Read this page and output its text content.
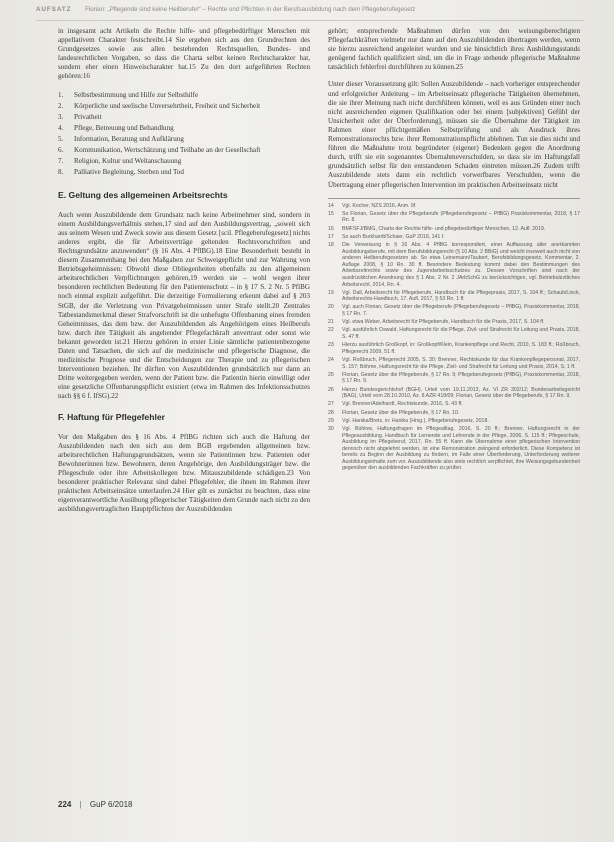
AUFSATZ Florian: „Pflegende sind keine Heilberufe!“ – Rechte und Pflichten in der Berufsausbildung nach dem Pflegeberufegesetz

in insgesamt acht Artikeln die Rechte hilfe- und pflegebedürftiger Menschen mit appellativem Charakter festschreibt.14 Sie ergeben sich aus den Grundrechten des Grundgesetzes sowie aus allen bestehenden Rechtsquellen, Bundes- und landesrechtlichen Vorgaben, so dass die Charta selbst keinen Rechtscharakter hat, sondern eher einen Hinweischarakter hat.15 Zu den dort aufgeführten Rechten gehören:16

1.	Selbstbestimmung und Hilfe zur Selbsthilfe
2.	Körperliche und seelische Unversehrtheit, Freiheit und Sicherheit
3.	Privatheit
4.	Pflege, Betreuung und Behandlung
5.	Information, Beratung und Aufklärung
6.	Kommunikation, Wertschätzung und Teilhabe an der Gesellschaft
7.	Religion, Kultur und Weltanschauung
8.	Palliative Begleitung, Sterben und Tod
E. Geltung des allgemeinen Arbeitsrechts

Auch wenn Auszubildende dem Grundsatz nach keine Arbeitnehmer sind, sondern in einem Ausbildungsverhältnis stehen,17 sind auf den Ausbildungsvertrag, „soweit sich aus seinem Wesen und Zweck sowie aus diesem Gesetz [scil. Pflegeberufegesetz] nichts anderes ergibt, die für Arbeitsverträge geltenden Rechtsvorschriften und Rechtsgrundsätze anzuwenden“ (§ 16 Abs. 4 PflBG).18 Eine Besonderheit besteht in diesem Zusammenhang bei den Maßgaben zur Schweigepflicht und zur Wahrung von Betriebsgeheimnissen: Obwohl diese Obliegenheiten ebenfalls zu den allgemeinen arbeitsrechtlichen Verpflichtungen gehören,19 werden sie – wohl wegen ihrer besonderen rechtlichen Bedeutung für den Patientenschutz – in § 17 S. 2 Nr. 5 PflBG noch einmal explizit aufgeführt. Die derzeitige Formulierung erkennt dabei auf § 203 StGB, der die Verletzung von Privatgeheimnissen unter Strafe stellt.20 Zentrales Tatbestandsmerkmal dieser Strafvorschrift ist die unbefugte Offenbarung eines fremden Geheimnisses, das dem bzw. der Auszubildenden als Angehörigem eines Heilberufs bzw. durch ihre Tätigkeit als angehender Pflegefachkraft anvertraut oder sonst wie bekannt geworden ist.21 Hierzu gehören in erster Linie sämtliche patientenbezogene Daten und Tatsachen, die sich auf die medizinische und pflegerische Diagnose, die medizinische Prognose und die Entscheidungen zur Therapie und zu pflegerischen Interventionen beziehen. Ihr dürften von Auszubildenden grundsätzlich nur dann an Dritte weitergegeben werden, wenn der Patient bzw. die Patientin hierin einwilligt oder eine gesetzliche Offenbarungspflicht existiert (etwa im Rahmen des Infektionsschutzes nach §§ 6 f. IfSG).22

F. Haftung für Pflegefehler

Vor den Maßgaben des § 16 Abs. 4 PflBG richten sich auch die Haftung der Auszubildenden nach den sich aus dem BGB ergebenden allgemeinen bzw. arbeitsrechtlichen Haftungsgrundsätzen, wenn sie Patientinnen bzw. Patienten oder Bewohnerinnen bzw. Bewohnern, deren Angehörige, den Ausbildungsträger bzw. die Pflegeschule oder ihre Arbeitskollegen bzw. Mitauszubildende schädigen.23 Von besonderer praktischer Relevanz sind dabei Pflegefehler, die ihnen im Rahmen ihrer praktischen Arbeitseinsätze unterlaufen.24 Hier gilt es zunächst zu beachten, dass eine eigenverantwortliche Ausübung pflegerischer Tätigkeiten dem Grunde nach nicht zu den ausbildungsvertraglichen Hauptpflichten der Auszubildenden

gehört; entsprechende Maßnahmen dürfen von den weisungsberechtigten Pflegefachkräften vielmehr nur dann auf den Auszubildenden übertragen werden, wenn sie hierzu ausreichend angeleitet wurden und sie hinsichtlich ihres Ausbildungsstands genügend fachlich qualifiziert sind, um die in Frage stehende pflegerische Maßnahme tatsächlich fehlerfrei durchführen zu können.25

Unter dieser Voraussetzung gilt: Sollen Auszubildende – nach vorheriger entsprechender und erfolgreicher Anleitung – im Arbeitseinsatz pflegerische Tätigkeiten übernehmen, die sie ihrer Meinung nach nicht durchführen können, weil es aus Gründen einer noch nicht ausreichenden eigenen Qualifikation oder bei einem [subjektiven] Gefühl der Unsicherheit oder der Überforderung], müssen sie die Übernahme der Tätigkeit im Rahmen einer pflichtgemäßen Selbstprüfung und als Ausdruck ihres Remonstrationsrechts bzw. ihrer Remonstrationspflicht ablehnen. Tun sie dies nicht und führen die Maßnahme trotz begründeter (eigener) Bedenken gegen die Anordnung durch, trifft sie ein sogenanntes Übernahmeverschulden, so dass sie im Haftungsfall grundsätzlich selbst für den entstandenen Schaden eintreten müssen.26 Zudem trifft Auszubildende stets dann ein rechtlich vorwerfbares Verschulden, wenn die Übertragung einer pflegerischen Intervention im praktischen Arbeitseinsatz nicht

14	Vgl. Kocher, NZS 2016, Anm. 9f.
15	So Florian, Gesetz über die Pflegeberufe (Pflegeberufegesetz – PflBG) Praxiskommentar, 2018, § 17 Rn. 8.
16	BMFSFJ/BMG, Charta der Rechte hilfe- und pflegebedürftiger Menschen, 12. Aufl. 2019.
17	So auch Burkhardt/Schaer, GuP 2018, 141 f.
18	Die Verweisung in § 16 Abs. 4 PflBG korrespondiert, einer Auffassung aller anerkannten Ausbildungsberufe, mit dem Berufsbildungsrecht (§ 10 Abs. 2 BBiG) und weicht insoweit auch nicht von anderen Heilberufegesetzen ab. So etwa Leinemann/Taubert, Berufsbildungsgesetz, Kommentar, 2. Auflage 2008, § 10 Rn. 30 ff. Besondere Bedeutung kommt dabei den Bestimmungen des Arbeitszeitrechts sowie des Jugendarbeitsschutzes zu. Dessen Vorschriften sind nach der ausdrücklichen Anordnung des § 1 Abs. 2 Nr. 2 JArbSchG zu berücksichtigen, vgl. Betriebsärztliches Arbeitsrecht, 2014, Rn. 4.
19	Vgl. Dall, Arbeitsrecht für Pflegeberufe, Handbuch für die Pflegepraxis, 2017, S. 104 ff.; Schaub/Linck, Arbeitsrechts-Handbuch, 17. Aufl. 2017, § 53 Rn. 1 ff.
20	Vgl. auch Florian, Gesetz über die Pflegeberufe (Pflegeberufegesetz – PflBG), Praxiskommentar, 2018, § 17 Rn. 7.
21	Vgl. etwa Weber, Arbeitsrecht für Pflegeberufe, Handbuch für die Praxis, 2017, S. 104 ff.
22	Vgl. ausführlich Oswald, Haftungsrecht für die Pflege, Zivil- und Strafrecht für Leitung und Praxis, 2018, S. 47 ff.
23	Hierzu ausführlich Großkopf, in: Großkopf/Klein, Krankenpflege und Recht, 2010, S. 183 ff.; Roßbruch, Pflegerecht 2009, 51 ff.
24	Vgl. Roßbruch, Pflegerecht 2005, S. 30; Brenner, Rechtskunde für das Krankenpflegepersonal, 2017, S. 157; Böhme, Haftungsrecht für die Pflege, Zivil- und Strafrecht für Leitung und Praxis, 2014, S. 1 ff.
25	Florian, Gesetz über die Pflegeberufe, § 17 Rn. 9; Pflegeberufegesetz (PflBG), Praxiskommentar, 2018, § 17 Rn. 9.
26	Hierzu Bundesgerichtshof (BGH), Urteil vom 19.11.2013, Az. VI ZR 302/12; Bundesarbeitsgericht (BAG), Urteil vom 28.10.2010, Az. 8 AZR 418/09; Florian, Gesetz über die Pflegeberufe, § 17 Rn. 9.
27	Vgl. Brenner/Adelhardt, Rechtskunde, 2016, S. 43 ff.
28	Florian, Gesetz über die Pflegeberufe, § 17 Rn. 10.
29	Vgl. Hanika/Bretz, in: Hanika (Hrsg.), Pflegeberufegesetz, 2018.
30	Vgl. Bühlow, Haftungsfragen im Pflegealltag, 2016, S. 20 ff.; Brenner, Haftungsrecht in der Pflegeausbildung, Handbuch für Lernende und Lehrende in der Pflege, 2006, S. 115 ff.; Pflegeschule, Ausbildung im Pflegeberuf, 2017, Rn. 55 ff. Kann die Übernahme einer pflegerischen Intervention dennoch nicht abgelehnt werden, ist eine Remonstration zwingend erforderlich. Diese Kompetenz ist bereits zu Beginn der Ausbildung zu fördern, im Falle einer Überforderung, Unterforderung weiterer Ausbildungsinhalte zum vor. Auszubildende also stets rechtlich verpflichtet, ihre Weisungsgebundenheit gegenüber den ausbildenden Fachkräften zu prüfen.
224 | GuP 6/2018
